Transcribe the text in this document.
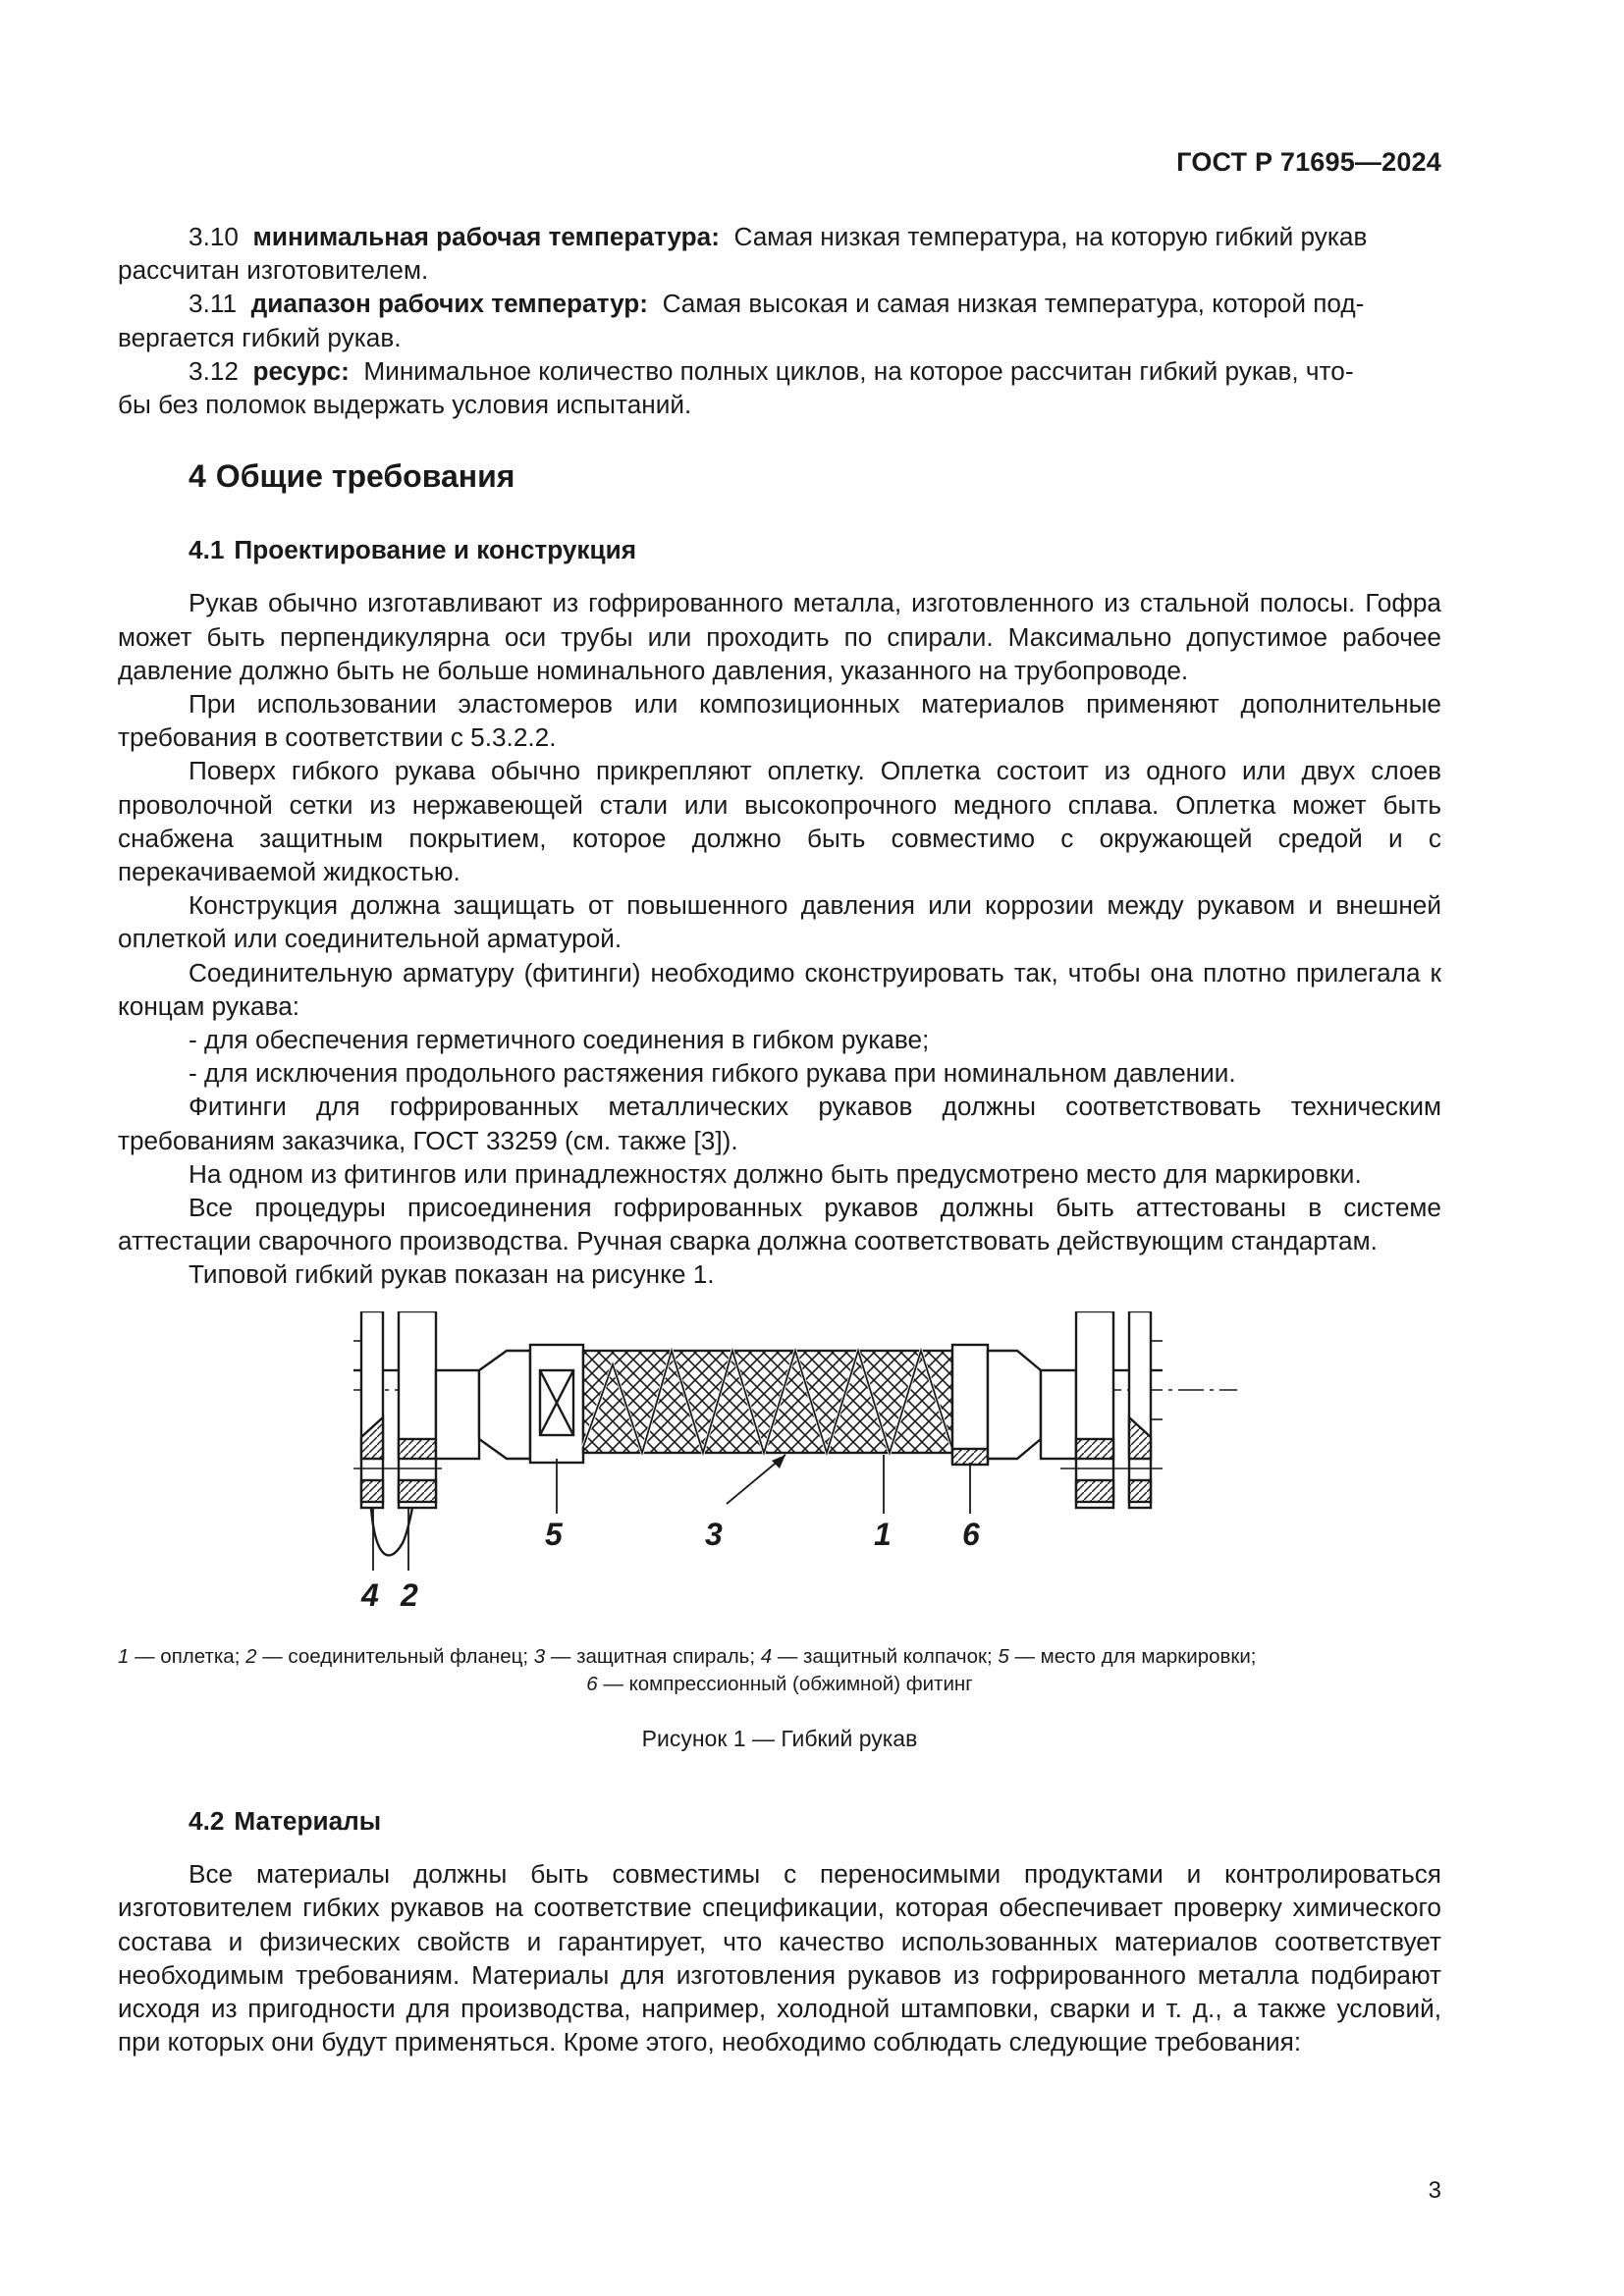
ГОСТ Р 71695—2024

3.10 минимальная рабочая температура: Самая низкая температура, на которую гибкий рукав

рассчитан изготовителем.

3.11 диапазон рабочих температур: Самая высокая и самая низкая температура, которой под-

вергается гибкий рукав.

3.12 ресурс: Минимальное количество полных циклов, на которое рассчитан гибкий рукав, что-

бы без поломок выдержать условия испытаний.

4 Общие требования

4.1 Проектирование и конструкция

Рукав обычно изготавливают из гофрированного металла, изготовленного из стальной полосы. Гофра может быть перпендикулярна оси трубы или проходить по спирали. Максимально допустимое рабочее давление должно быть не больше номинального давления, указанного на трубопроводе.

При использовании эластомеров или композиционных материалов применяют дополнительные требования в соответствии с 5.3.2.2.

Поверх гибкого рукава обычно прикрепляют оплетку. Оплетка состоит из одного или двух слоев проволочной сетки из нержавеющей стали или высокопрочного медного сплава. Оплетка может быть снабжена защитным покрытием, которое должно быть совместимо с окружающей средой и с перекачиваемой жидкостью.

Конструкция должна защищать от повышенного давления или коррозии между рукавом и внешней оплеткой или соединительной арматурой.

Соединительную арматуру (фитинги) необходимо сконструировать так, чтобы она плотно прилегала к концам рукава:

- для обеспечения герметичного соединения в гибком рукаве;

- для исключения продольного растяжения гибкого рукава при номинальном давлении.

Фитинги для гофрированных металлических рукавов должны соответствовать техническим требованиям заказчика, ГОСТ 33259 (см. также [3]).

На одном из фитингов или принадлежностях должно быть предусмотрено место для маркировки.

Все процедуры присоединения гофрированных рукавов должны быть аттестованы в системе аттестации сварочного производства. Ручная сварка должна соответствовать действующим стандартам.

Типовой гибкий рукав показан на рисунке 1.

5	3	1 6
4 2
1 — оплетка; 2 — соединительный фланец; 3 — защитная спираль; 4 — защитный колпачок; 5 — место для маркировки;
6 — компрессионный (обжимной) фитинг
Рисунок 1 — Гибкий рукав

4.2 Материалы

Все материалы должны быть совместимы с переносимыми продуктами и контролироваться изготовителем гибких рукавов на соответствие спецификации, которая обеспечивает проверку химического состава и физических свойств и гарантирует, что качество использованных материалов соответствует необходимым требованиям. Материалы для изготовления рукавов из гофрированного металла подбирают исходя из пригодности для производства, например, холодной штамповки, сварки и т. д., а также условий, при которых они будут применяться. Кроме этого, необходимо соблюдать следующие требования:

3
